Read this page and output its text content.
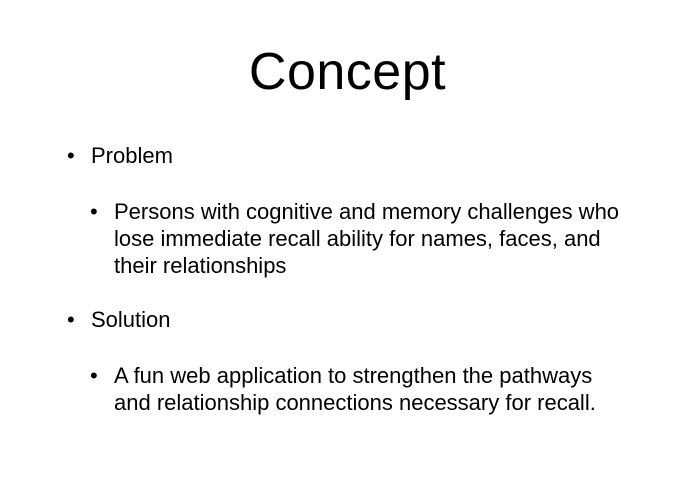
Concept
• Problem
• Persons with cognitive and memory challenges who lose immediate recall ability for names, faces, and their relationships
• Solution
• A fun web application to strengthen the pathways and relationship connections necessary for recall.
